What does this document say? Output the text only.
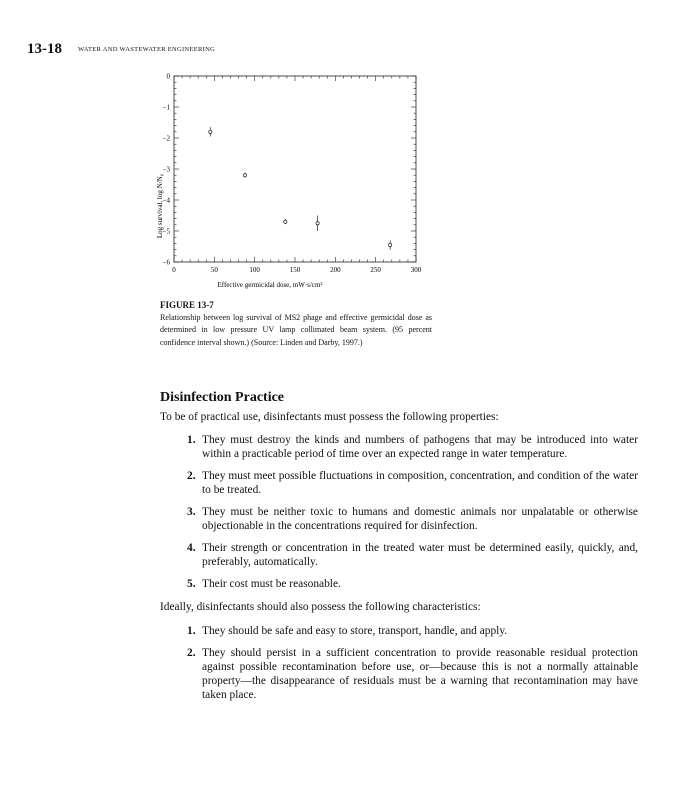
13-18 WATER AND WASTEWATER ENGINEERING
0	50	100	150	200	250	300
0
−1
−2
−3
−4
−5
−6
Effective germicidal dose, mW·s/cm²
Log survival, log N/N₀
FIGURE 13-7
Relationship between log survival of MS2 phage and effective germicidal dose as determined in low pressure UV lamp collimated beam system. (95 percent confidence interval shown.) (Source: Linden and Darby, 1997.)
Disinfection Practice

To be of practical use, disinfectants must possess the following properties:

1. They must destroy the kinds and numbers of pathogens that may be introduced into water within a practicable period of time over an expected range in water temperature.
2. They must meet possible fluctuations in composition, concentration, and condition of the water to be treated.
3. They must be neither toxic to humans and domestic animals nor unpalatable or otherwise objectionable in the concentrations required for disinfection.
4. Their strength or concentration in the treated water must be determined easily, quickly, and, preferably, automatically.
5. Their cost must be reasonable.

Ideally, disinfectants should also possess the following characteristics:

1. They should be safe and easy to store, transport, handle, and apply.
2. They should persist in a sufficient concentration to provide reasonable residual protection against possible recontamination before use, or—because this is not a normally attainable property—the disappearance of residuals must be a warning that recontamination may have taken place.
